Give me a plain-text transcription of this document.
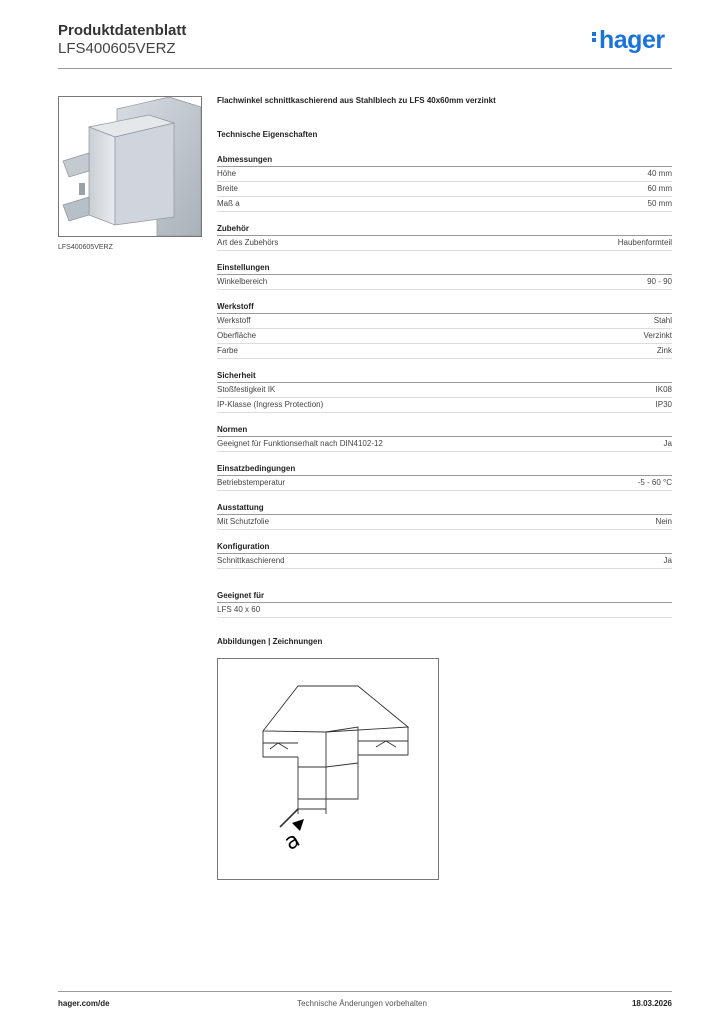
Produktdatenblatt
LFS400605VERZ	hager
LFS400605VERZ
Flachwinkel schnittkaschierend aus Stahlblech zu LFS 40x60mm verzinkt
Technische Eigenschaften
Abmessungen
Höhe	40 mm
Breite	60 mm
Maß a	50 mm
Zubehör
Art des Zubehörs	Haubenformteil
Einstellungen
Winkelbereich	90 - 90
Werkstoff
Werkstoff	Stahl
Oberfläche	Verzinkt
Farbe	Zink
Sicherheit
Stoßfestigkeit IK	IK08
IP-Klasse (Ingress Protection)	IP30
Normen
Geeignet für Funktionserhalt nach DIN4102-12	Ja
Einsatzbedingungen
Betriebstemperatur	-5 - 60 °C
Ausstattung
Mit Schutzfolie	Nein
Konfiguration
Schnittkaschierend	Ja
Geeignet für
LFS 40 x 60
Abbildungen | Zeichnungen
a
hager.com/de	Technische Änderungen vorbehalten	18.03.2026
